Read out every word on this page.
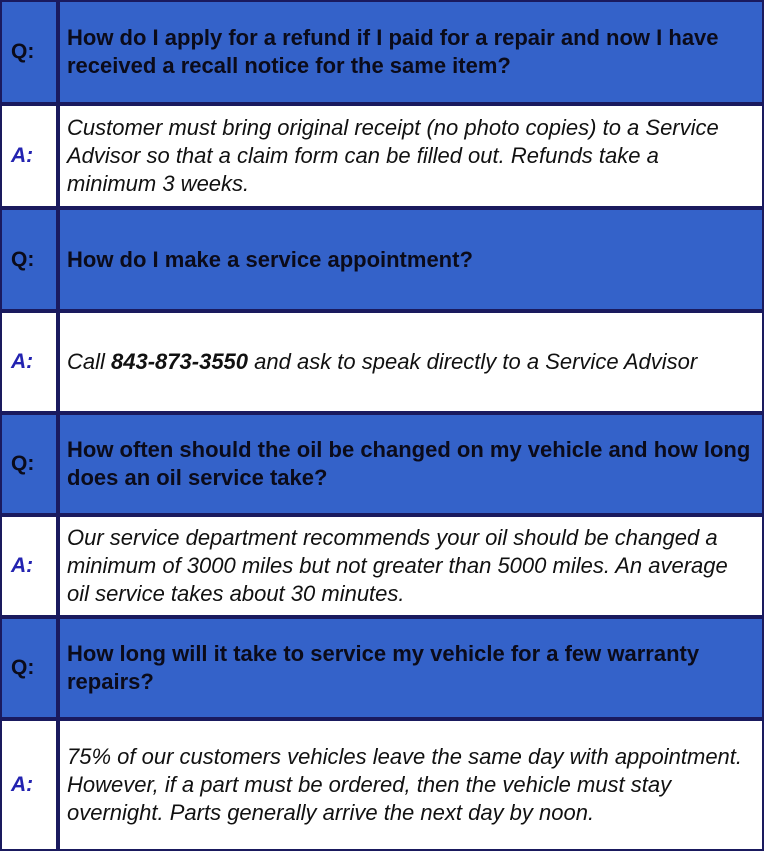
Q:
How do I apply for a refund if I paid for a repair and now I have received a recall notice for the same item?
A:
Customer must bring original receipt (no photo copies) to a Service Advisor so that a claim form can be filled out. Refunds take a minimum 3 weeks.
Q:	How do I make a service appointment?
A:	Call 843-873-3550 and ask to speak directly to a Service Advisor
Q:
How often should the oil be changed on my vehicle and how long does an oil service take?
A:
Our service department recommends your oil should be changed a minimum of 3000 miles but not greater than 5000 miles. An average oil service takes about 30 minutes.
Q:
How long will it take to service my vehicle for a few warranty repairs?
A:
75% of our customers vehicles leave the same day with appointment. However, if a part must be ordered, then the vehicle must stay overnight. Parts generally arrive the next day by noon.
